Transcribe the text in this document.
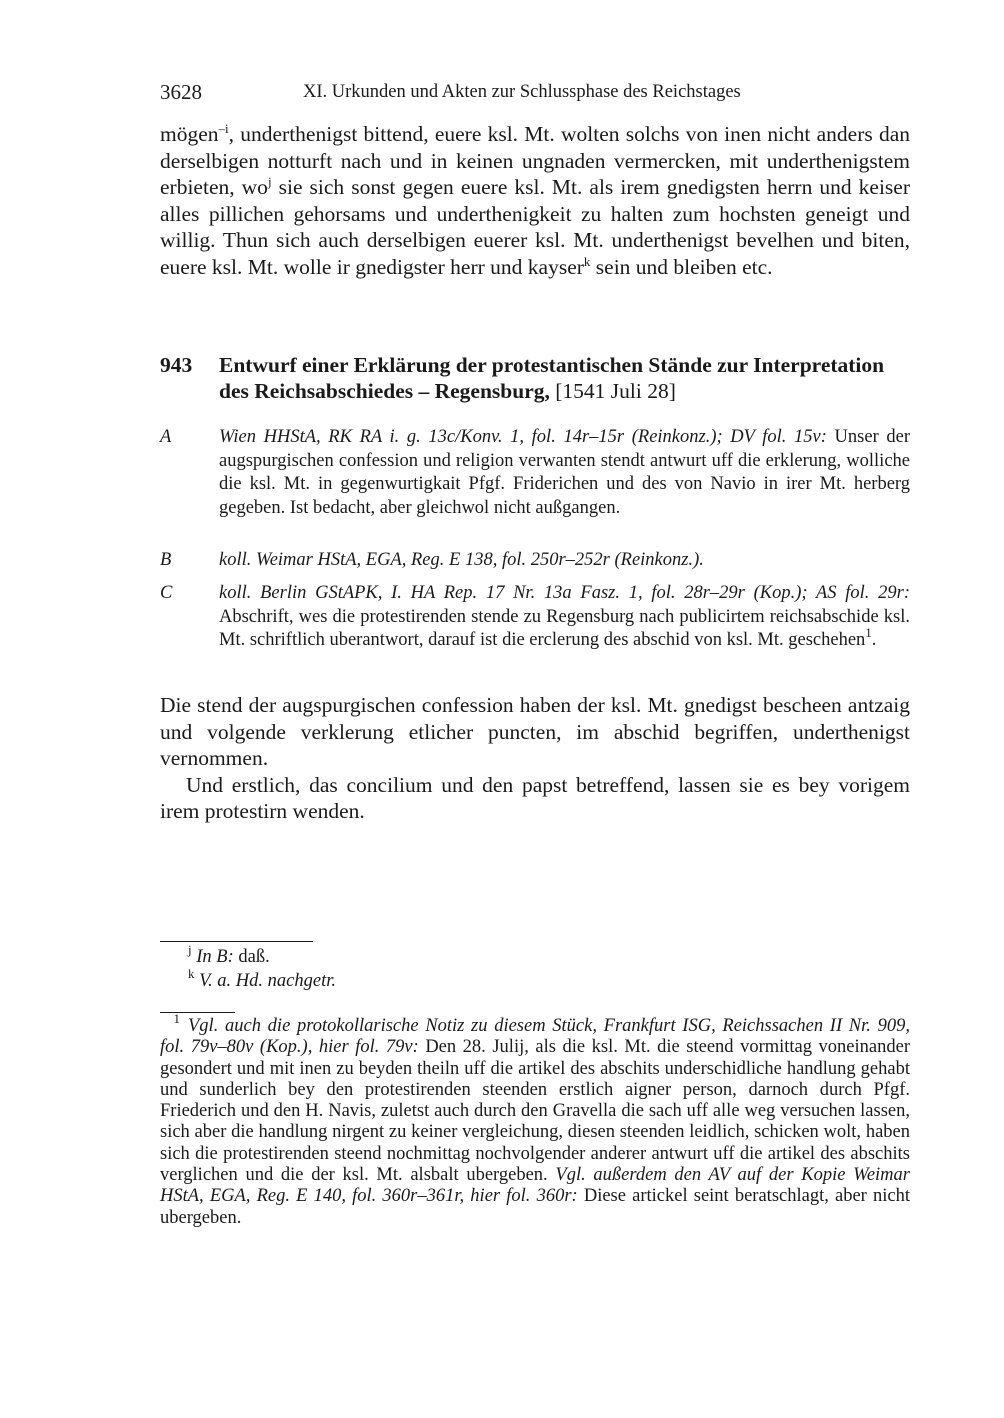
3628	XI. Urkunden und Akten zur Schlussphase des Reichstages

mögen$^{-i}$, underthenigst bittend, euere ksl. Mt. wolten solchs von inen nicht anders dan derselbigen notturft nach und in keinen ungnaden vermercken, mit underthenigstem erbieten, $wo^j$ sie sich sonst gegen euere ksl. Mt. als irem gnedigsten herrn und keiser alles pillichen gehorsams und underthenigkeit zu halten zum hochsten geneigt und willig. Thun sich auch derselbigen euerer ksl. Mt. underthenigst bevelhen und biten, euere ksl. Mt. wolle ir gnedigster herr und kayser$^k$ sein und bleiben etc.

943 Entwurf einer Erklärung der protestantischen Stände zur Interpretation des Reichsabschiedes – Regensburg, [1541 Juli 28]
A	Wien HHStA, RK RA i. g. 13c/Konv. 1, fol. 14r–15r (Reinkonz.); DV fol. 15v: Unser der augspurgischen confession und religion verwanten stendt antwurt uff die erklerung, wolliche die ksl. Mt. in gegenwurtigkait Pfgf. Friderichen und des von Navio in irer Mt. herberg gegeben. Ist bedacht, aber gleichwol nicht außgangen.
B	koll. Weimar HStA, EGA, Reg. E 138, fol. 250r–252r (Reinkonz.).
C	koll. Berlin GStAPK, I. HA Rep. 17 Nr. 13a Fasz. 1, fol. 28r–29r (Kop.); AS fol. 29r: Abschrift, wes die protestirenden stende zu Regensburg nach publicirtem reichsabschide ksl. Mt. schriftlich uberantwort, darauf ist die erclerung des abschid von ksl. Mt. geschehen$^1$.

Die stend der augspurgischen confession haben der ksl. Mt. gnedigst bescheen antzaig und volgende verklerung etlicher puncten, im abschid begriffen, underthenigst vernommen.

Und erstlich, das concilium und den papst betreffend, lassen sie es bey vorigem irem protestirn wenden.

$^j$ In B: daß.
$^k$ V. a. Hd. nachgetr.
$^1$ Vgl. auch die protokollarische Notiz zu diesem Stück, Frankfurt ISG, Reichssachen II Nr. 909, fol. 79v–80v (Kop.), hier fol. 79v: Den 28. Julij, als die ksl. Mt. die steend vormittag voneinander gesondert und mit inen zu beyden theiln uff die artikel des abschits underschidliche handlung gehabt und sunderlich bey den protestirenden steenden erstlich aigner person, darnoch durch Pfgf. Friederich und den H. Navis, zuletst auch durch den Gravella die sach uff alle weg versuchen lassen, sich aber die handlung nirgent zu keiner vergleichung, diesen steenden leidlich, schicken wolt, haben sich die protestirenden steend nochmittag nochvolgender anderer antwurt uff die artikel des abschits verglichen und die der ksl. Mt. alsbalt ubergeben. Vgl. außerdem den AV auf der Kopie Weimar HStA, EGA, Reg. E 140, fol. 360r–361r, hier fol. 360r: Diese artickel seint beratschlagt, aber nicht ubergeben.
